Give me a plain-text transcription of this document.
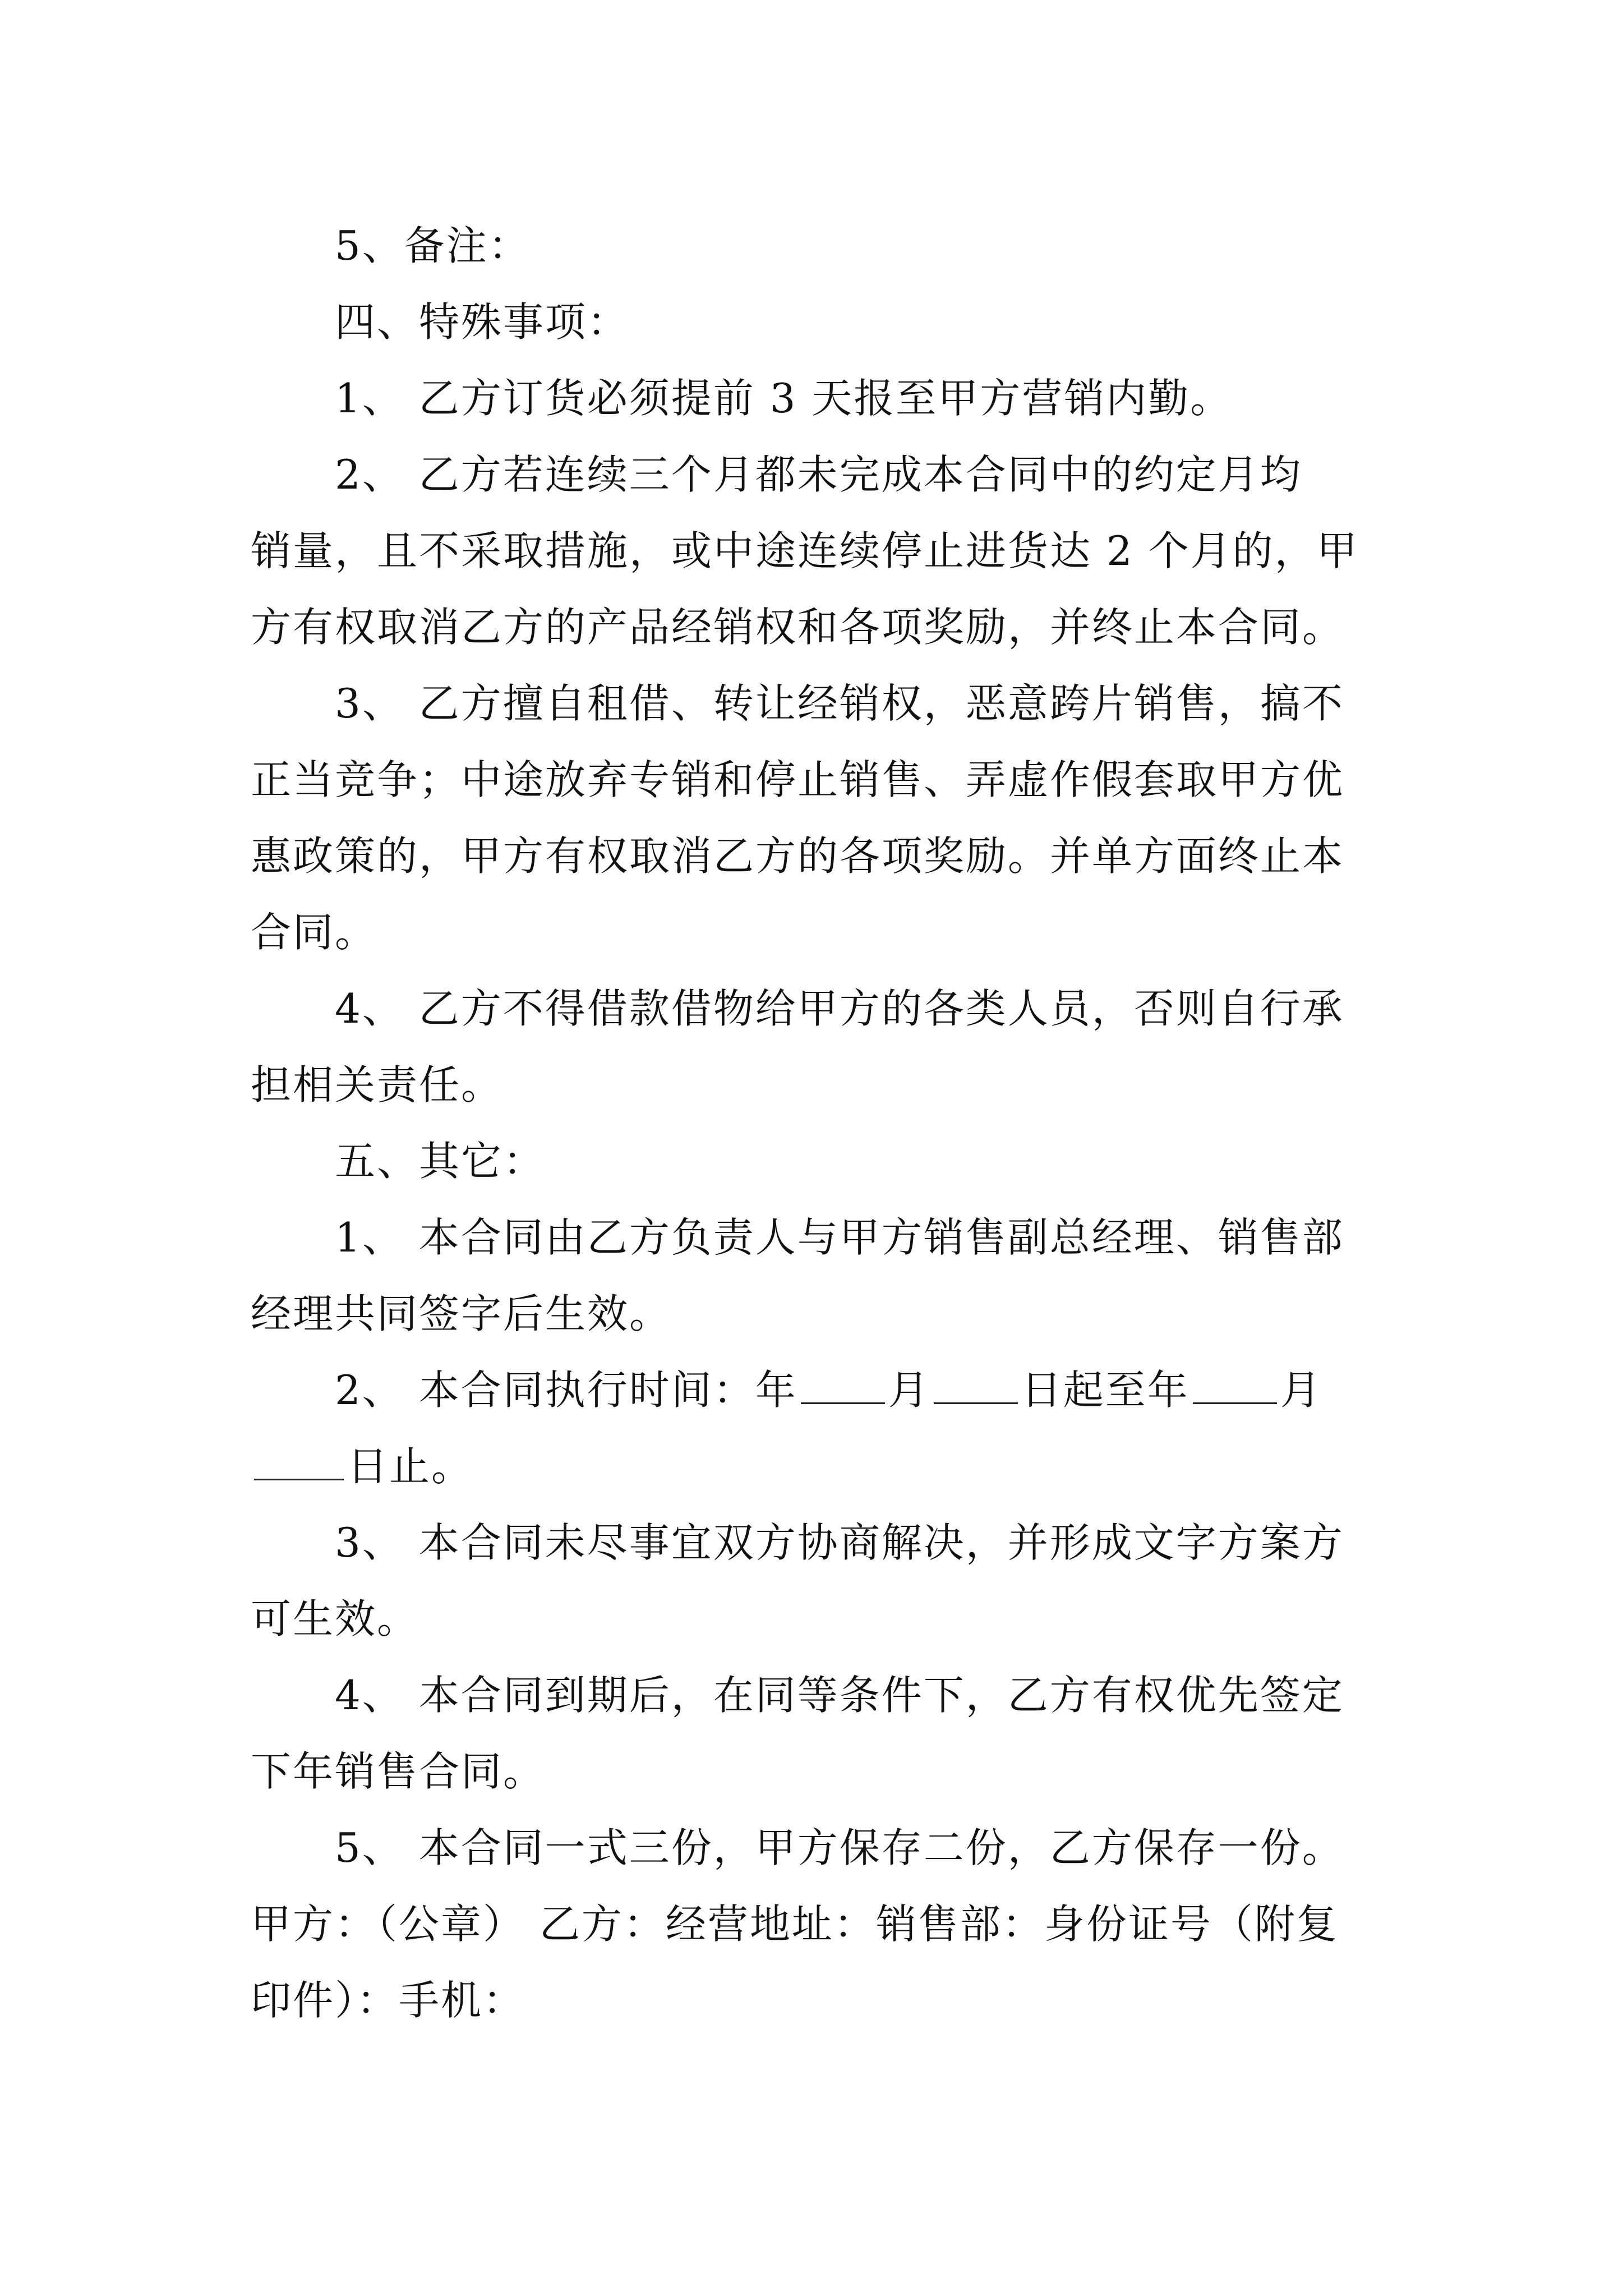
5、备注：
四、特殊事项：
1、 乙方订货必须提前 3 天报至甲方营销内勤。
2、 乙方若连续三个月都未完成本合同中的约定月均
销量，且不采取措施，或中途连续停止进货达 2 个月的，甲
方有权取消乙方的产品经销权和各项奖励，并终止本合同。
3、 乙方擅自租借、转让经销权，恶意跨片销售，搞不
正当竞争；中途放弃专销和停止销售、弄虚作假套取甲方优
惠政策的，甲方有权取消乙方的各项奖励。并单方面终止本
合同。
4、 乙方不得借款借物给甲方的各类人员，否则自行承
担相关责任。
五、其它：
1、 本合同由乙方负责人与甲方销售副总经理、销售部
经理共同签字后生效。
2、 本合同执行时间：年 月 日起至年 月
日止。
3、 本合同未尽事宜双方协商解决，并形成文字方案方
可生效。
4、 本合同到期后，在同等条件下，乙方有权优先签定
下年销售合同。
5、 本合同一式三份，甲方保存二份，乙方保存一份。
甲方：（公章） 乙方：经营地址：销售部：身份证号（附复
印件）：手机：
